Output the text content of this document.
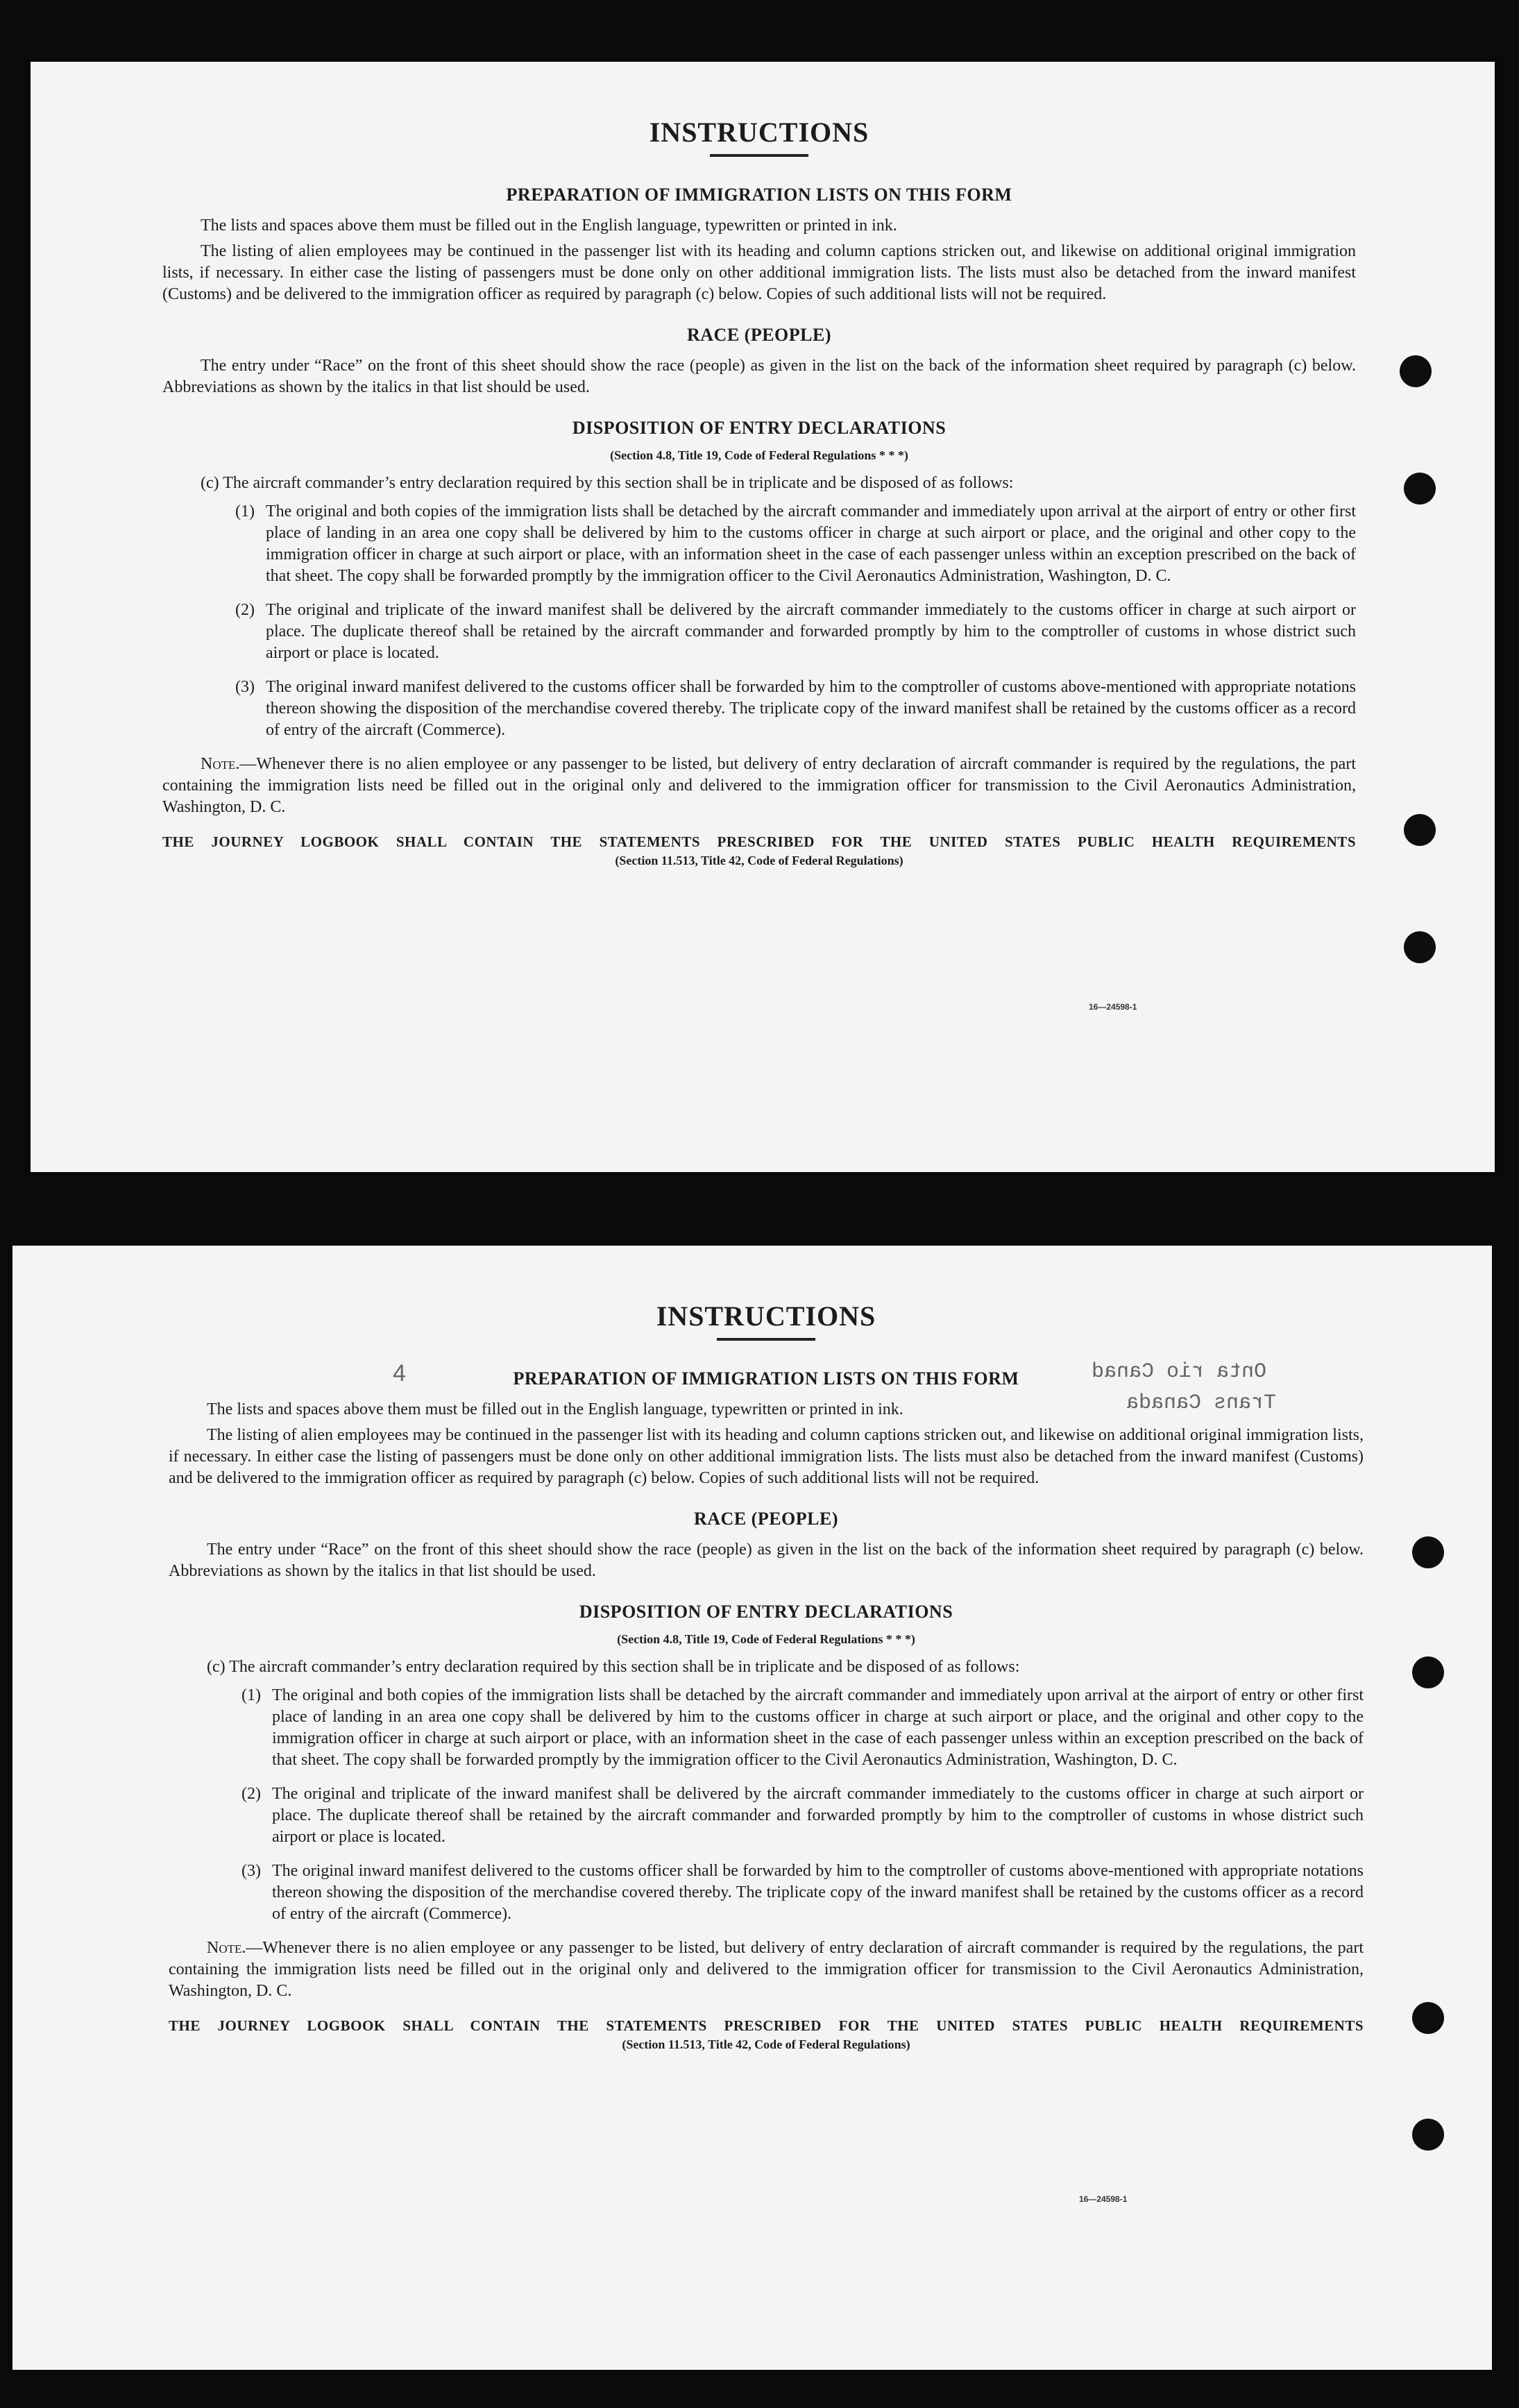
INSTRUCTIONS
PREPARATION OF IMMIGRATION LISTS ON THIS FORM

The lists and spaces above them must be filled out in the English language, typewritten or printed in ink.

The listing of alien employees may be continued in the passenger list with its heading and column captions stricken out, and likewise on additional original immigration lists, if necessary. In either case the listing of passengers must be done only on other additional immigration lists. The lists must also be detached from the inward manifest (Customs) and be delivered to the immigration officer as required by paragraph (c) below. Copies of such additional lists will not be required.

RACE (PEOPLE)

The entry under “Race” on the front of this sheet should show the race (people) as given in the list on the back of the information sheet required by paragraph (c) below. Abbreviations as shown by the italics in that list should be used.

DISPOSITION OF ENTRY DECLARATIONS
(Section 4.8, Title 19, Code of Federal Regulations * * *)

(c) The aircraft commander’s entry declaration required by this section shall be in triplicate and be disposed of as follows:

(1) The original and both copies of the immigration lists shall be detached by the aircraft commander and immediately upon arrival at the airport of entry or other first place of landing in an area one copy shall be delivered by him to the customs officer in charge at such airport or place, and the original and other copy to the immigration officer in charge at such airport or place, with an information sheet in the case of each passenger unless within an exception prescribed on the back of that sheet. The copy shall be forwarded promptly by the immigration officer to the Civil Aeronautics Administration, Washington, D. C.
(2) The original and triplicate of the inward manifest shall be delivered by the aircraft commander immediately to the customs officer in charge at such airport or place. The duplicate thereof shall be retained by the aircraft commander and forwarded promptly by him to the comptroller of customs in whose district such airport or place is located.
(3) The original inward manifest delivered to the customs officer shall be forwarded by him to the comptroller of customs above-mentioned with appropriate notations thereon showing the disposition of the merchandise covered thereby. The triplicate copy of the inward manifest shall be retained by the customs officer as a record of entry of the aircraft (Commerce).

Note.—Whenever there is no alien employee or any passenger to be listed, but delivery of entry declaration of aircraft commander is required by the regulations, the part containing the immigration lists need be filled out in the original only and delivered to the immigration officer for transmission to the Civil Aeronautics Administration, Washington, D. C.

THE JOURNEY LOGBOOK SHALL CONTAIN THE STATEMENTS PRESCRIBED FOR THE UNITED STATES PUBLIC HEALTH REQUIREMENTS
(Section 11.513, Title 42, Code of Federal Regulations)
16—24598-1
Onta rio Canad
Trans Canada
4
INSTRUCTIONS
PREPARATION OF IMMIGRATION LISTS ON THIS FORM

The lists and spaces above them must be filled out in the English language, typewritten or printed in ink.

The listing of alien employees may be continued in the passenger list with its heading and column captions stricken out, and likewise on additional original immigration lists, if necessary. In either case the listing of passengers must be done only on other additional immigration lists. The lists must also be detached from the inward manifest (Customs) and be delivered to the immigration officer as required by paragraph (c) below. Copies of such additional lists will not be required.

RACE (PEOPLE)

The entry under “Race” on the front of this sheet should show the race (people) as given in the list on the back of the information sheet required by paragraph (c) below. Abbreviations as shown by the italics in that list should be used.

DISPOSITION OF ENTRY DECLARATIONS
(Section 4.8, Title 19, Code of Federal Regulations * * *)

(c) The aircraft commander’s entry declaration required by this section shall be in triplicate and be disposed of as follows:

(1) The original and both copies of the immigration lists shall be detached by the aircraft commander and immediately upon arrival at the airport of entry or other first place of landing in an area one copy shall be delivered by him to the customs officer in charge at such airport or place, and the original and other copy to the immigration officer in charge at such airport or place, with an information sheet in the case of each passenger unless within an exception prescribed on the back of that sheet. The copy shall be forwarded promptly by the immigration officer to the Civil Aeronautics Administration, Washington, D. C.
(2) The original and triplicate of the inward manifest shall be delivered by the aircraft commander immediately to the customs officer in charge at such airport or place. The duplicate thereof shall be retained by the aircraft commander and forwarded promptly by him to the comptroller of customs in whose district such airport or place is located.
(3) The original inward manifest delivered to the customs officer shall be forwarded by him to the comptroller of customs above-mentioned with appropriate notations thereon showing the disposition of the merchandise covered thereby. The triplicate copy of the inward manifest shall be retained by the customs officer as a record of entry of the aircraft (Commerce).

Note.—Whenever there is no alien employee or any passenger to be listed, but delivery of entry declaration of aircraft commander is required by the regulations, the part containing the immigration lists need be filled out in the original only and delivered to the immigration officer for transmission to the Civil Aeronautics Administration, Washington, D. C.

THE JOURNEY LOGBOOK SHALL CONTAIN THE STATEMENTS PRESCRIBED FOR THE UNITED STATES PUBLIC HEALTH REQUIREMENTS
(Section 11.513, Title 42, Code of Federal Regulations)
16—24598-1
